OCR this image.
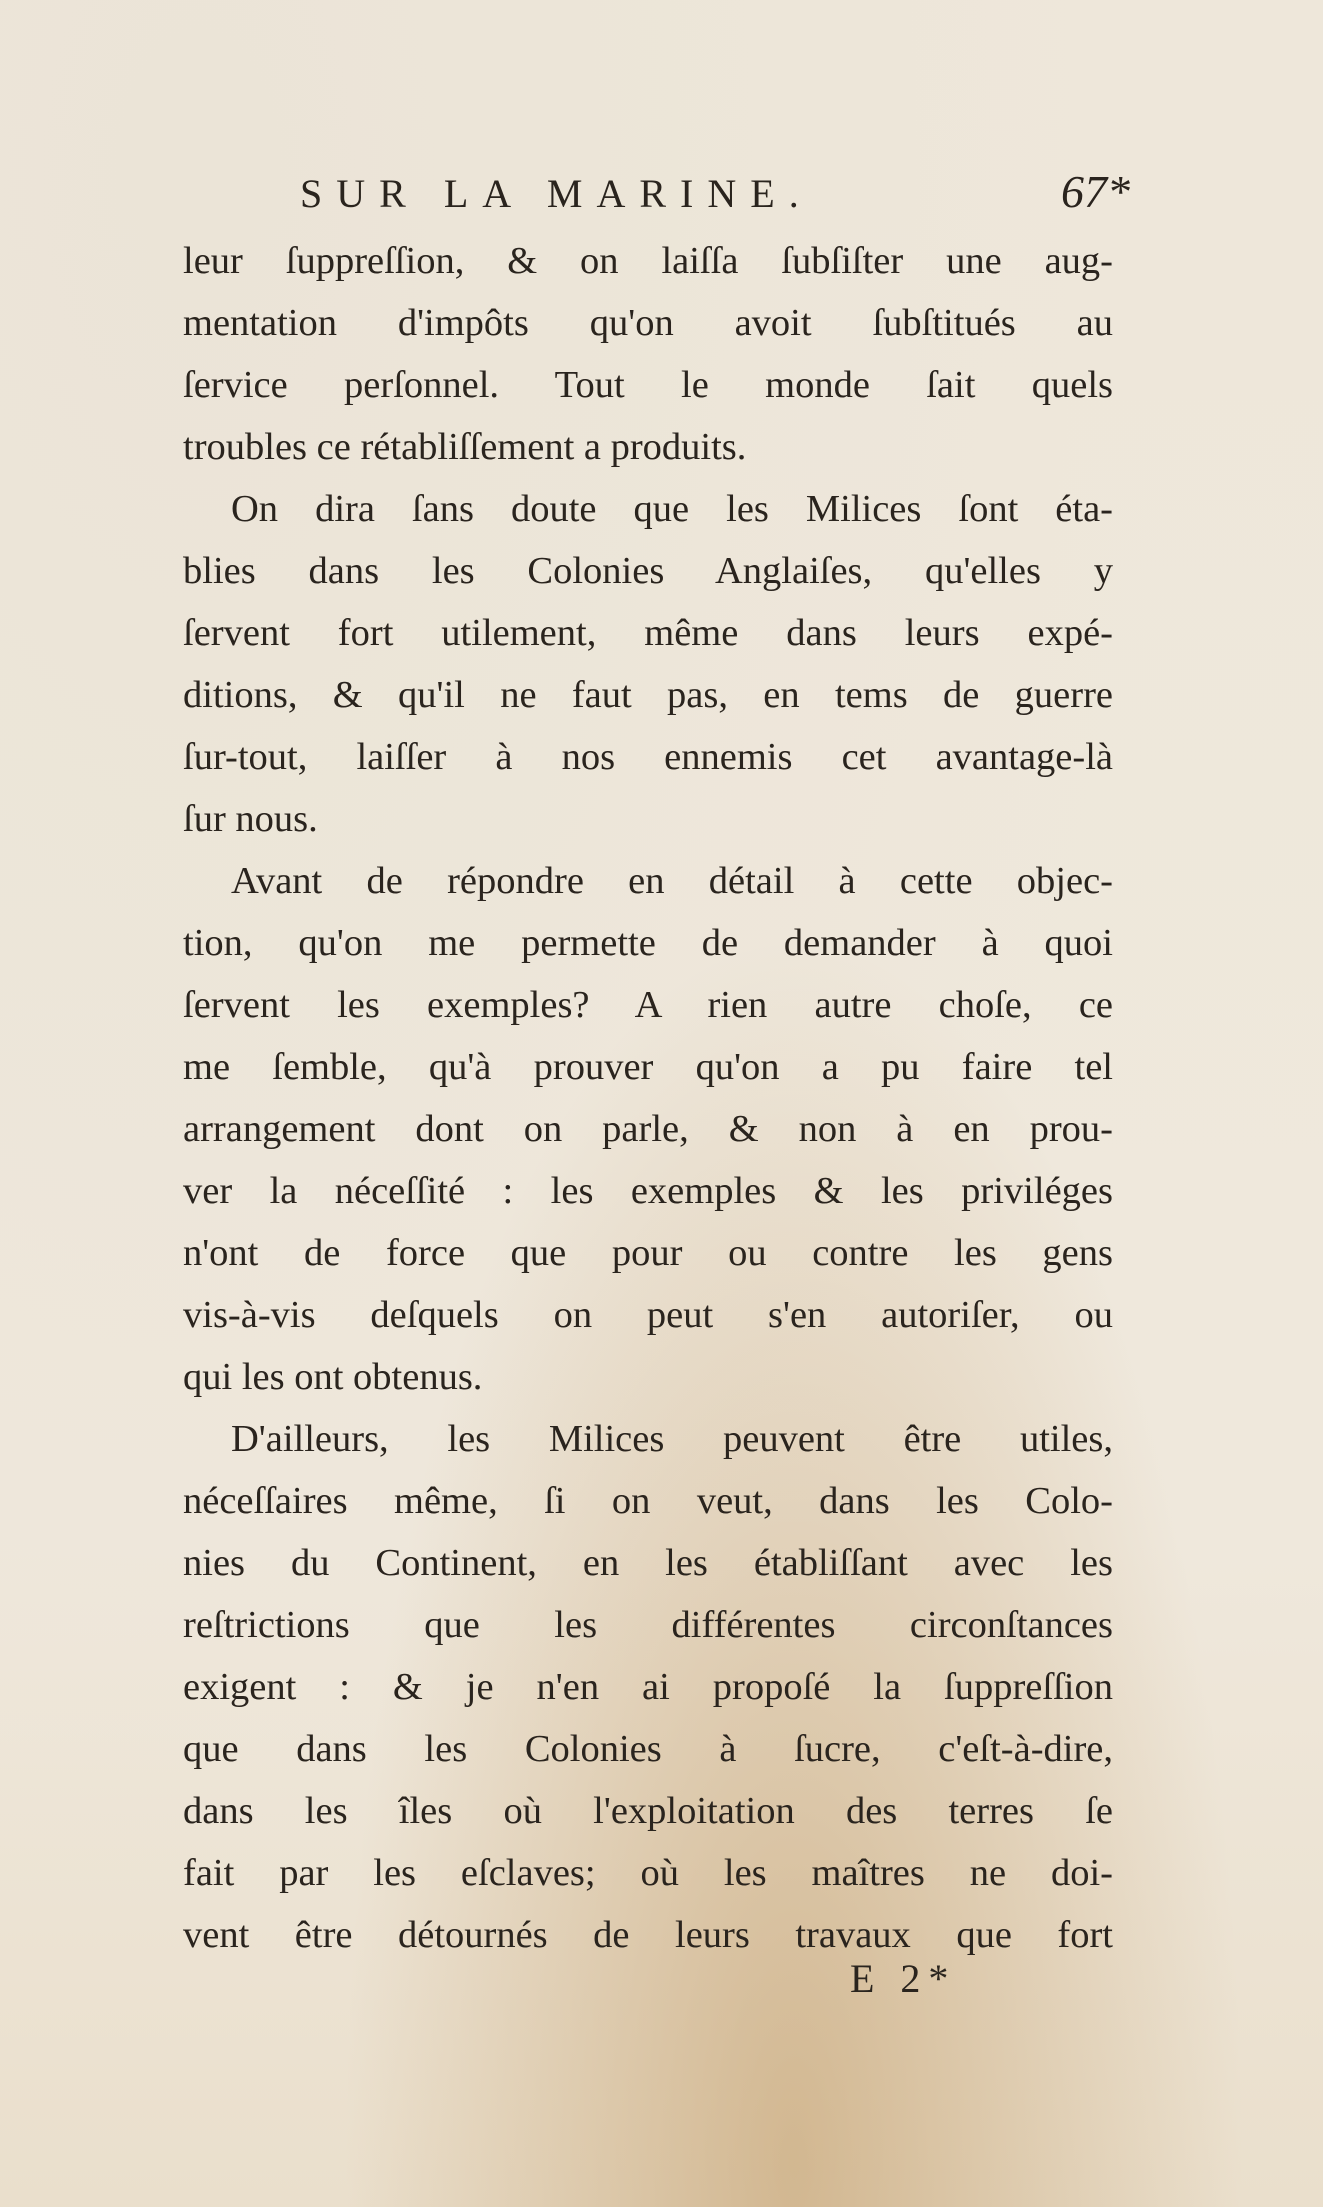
SUR LA MARINE.	67*
leur ſuppreſſion, & on laiſſa ſubſiſter une aug-
mentation d'impôts qu'on avoit ſubſtitués au
ſervice perſonnel. Tout le monde ſait quels
troubles ce rétabliſſement a produits.
On dira ſans doute que les Milices ſont éta-
blies dans les Colonies Anglaiſes, qu'elles y
ſervent fort utilement, même dans leurs expé-
ditions, & qu'il ne faut pas, en tems de guerre
ſur-tout, laiſſer à nos ennemis cet avantage-là
ſur nous.
Avant de répondre en détail à cette objec-
tion, qu'on me permette de demander à quoi
ſervent les exemples? A rien autre choſe, ce
me ſemble, qu'à prouver qu'on a pu faire tel
arrangement dont on parle, & non à en prou-
ver la néceſſité : les exemples & les priviléges
n'ont de force que pour ou contre les gens
vis-à-vis deſquels on peut s'en autoriſer, ou
qui les ont obtenus.
D'ailleurs, les Milices peuvent être utiles,
néceſſaires même, ſi on veut, dans les Colo-
nies du Continent, en les établiſſant avec les
reſtrictions que les différentes circonſtances
exigent : & je n'en ai propoſé la ſuppreſſion
que dans les Colonies à ſucre, c'eſt-à-dire,
dans les îles où l'exploitation des terres ſe
fait par les eſclaves; où les maîtres ne doi-
vent être détournés de leurs travaux que fort
E 2*
